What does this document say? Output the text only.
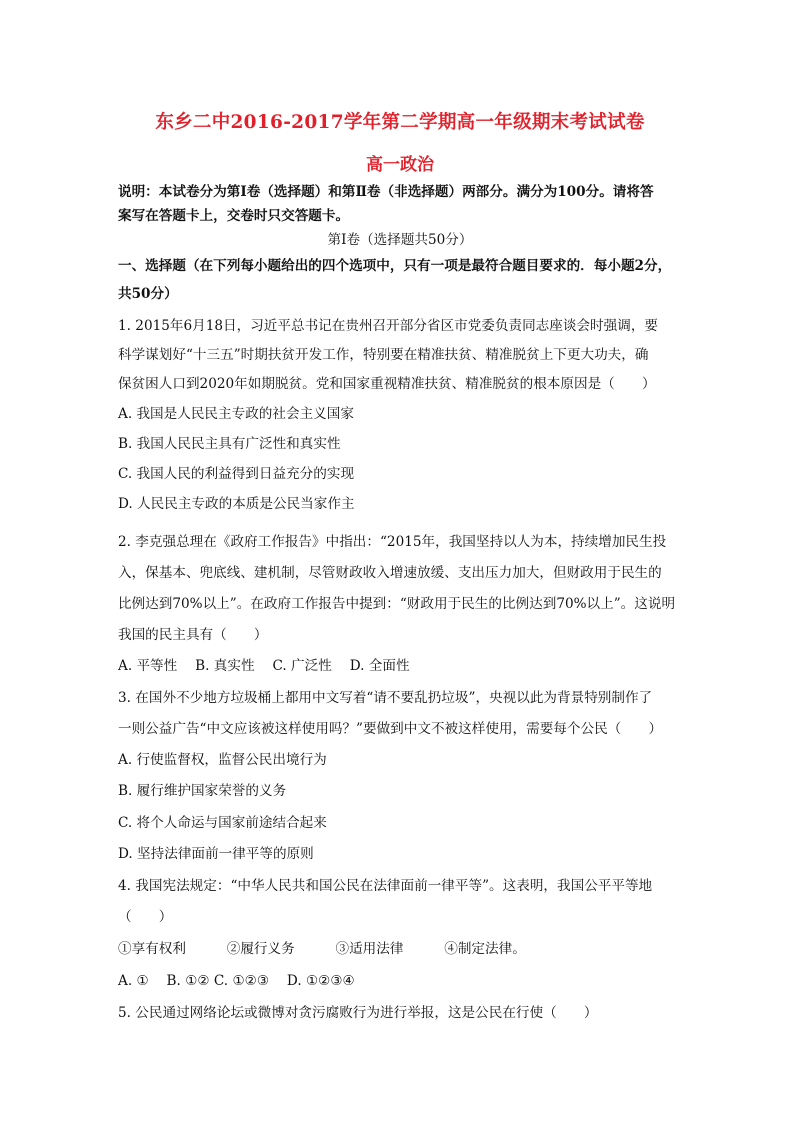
东乡二中2016-2017学年第二学期高一年级期末考试试卷
高一政治
说明：本试卷分为第Ⅰ卷（选择题）和第Ⅱ卷（非选择题）两部分。满分为100分。请将答
案写在答题卡上，交卷时只交答题卡。
第Ⅰ卷（选择题共50分）
一、选择题（在下列每小题给出的四个选项中，只有一项是最符合题目要求的．每小题2分，
共50分）
1. 2015年6月18日，习近平总书记在贵州召开部分省区市党委负责同志座谈会时强调，要
科学谋划好“十三五”时期扶贫开发工作，特别要在精准扶贫、精准脱贫上下更大功夫，确
保贫困人口到2020年如期脱贫。党和国家重视精准扶贫、精准脱贫的根本原因是（　　）
A. 我国是人民民主专政的社会主义国家
B. 我国人民民主具有广泛性和真实性
C. 我国人民的利益得到日益充分的实现
D. 人民民主专政的本质是公民当家作主
2. 李克强总理在《政府工作报告》中指出：“2015年，我国坚持以人为本，持续增加民生投
入，保基本、兜底线、建机制，尽管财政收入增速放缓、支出压力加大，但财政用于民生的
比例达到70%以上”。在政府工作报告中提到：“财政用于民生的比例达到70%以上”。这说明
我国的民主具有（　　）
A. 平等性　 B. 真实性　 C. 广泛性　 D. 全面性
3. 在国外不少地方垃圾桶上都用中文写着“请不要乱扔垃圾”，央视以此为背景特别制作了
一则公益广告“中文应该被这样使用吗？”要做到中文不被这样使用，需要每个公民（　　）
A. 行使监督权，监督公民出境行为
B. 履行维护国家荣誉的义务
C. 将个人命运与国家前途结合起来
D. 坚持法律面前一律平等的原则
4. 我国宪法规定：“中华人民共和国公民在法律面前一律平等”。这表明，我国公平平等地
（　　）
①享有权利　　　②履行义务　　　③适用法律　　　④制定法律。
A. ①　 B. ①② C. ①②③　 D. ①②③④
5. 公民通过网络论坛或微博对贪污腐败行为进行举报，这是公民在行使（　　）
